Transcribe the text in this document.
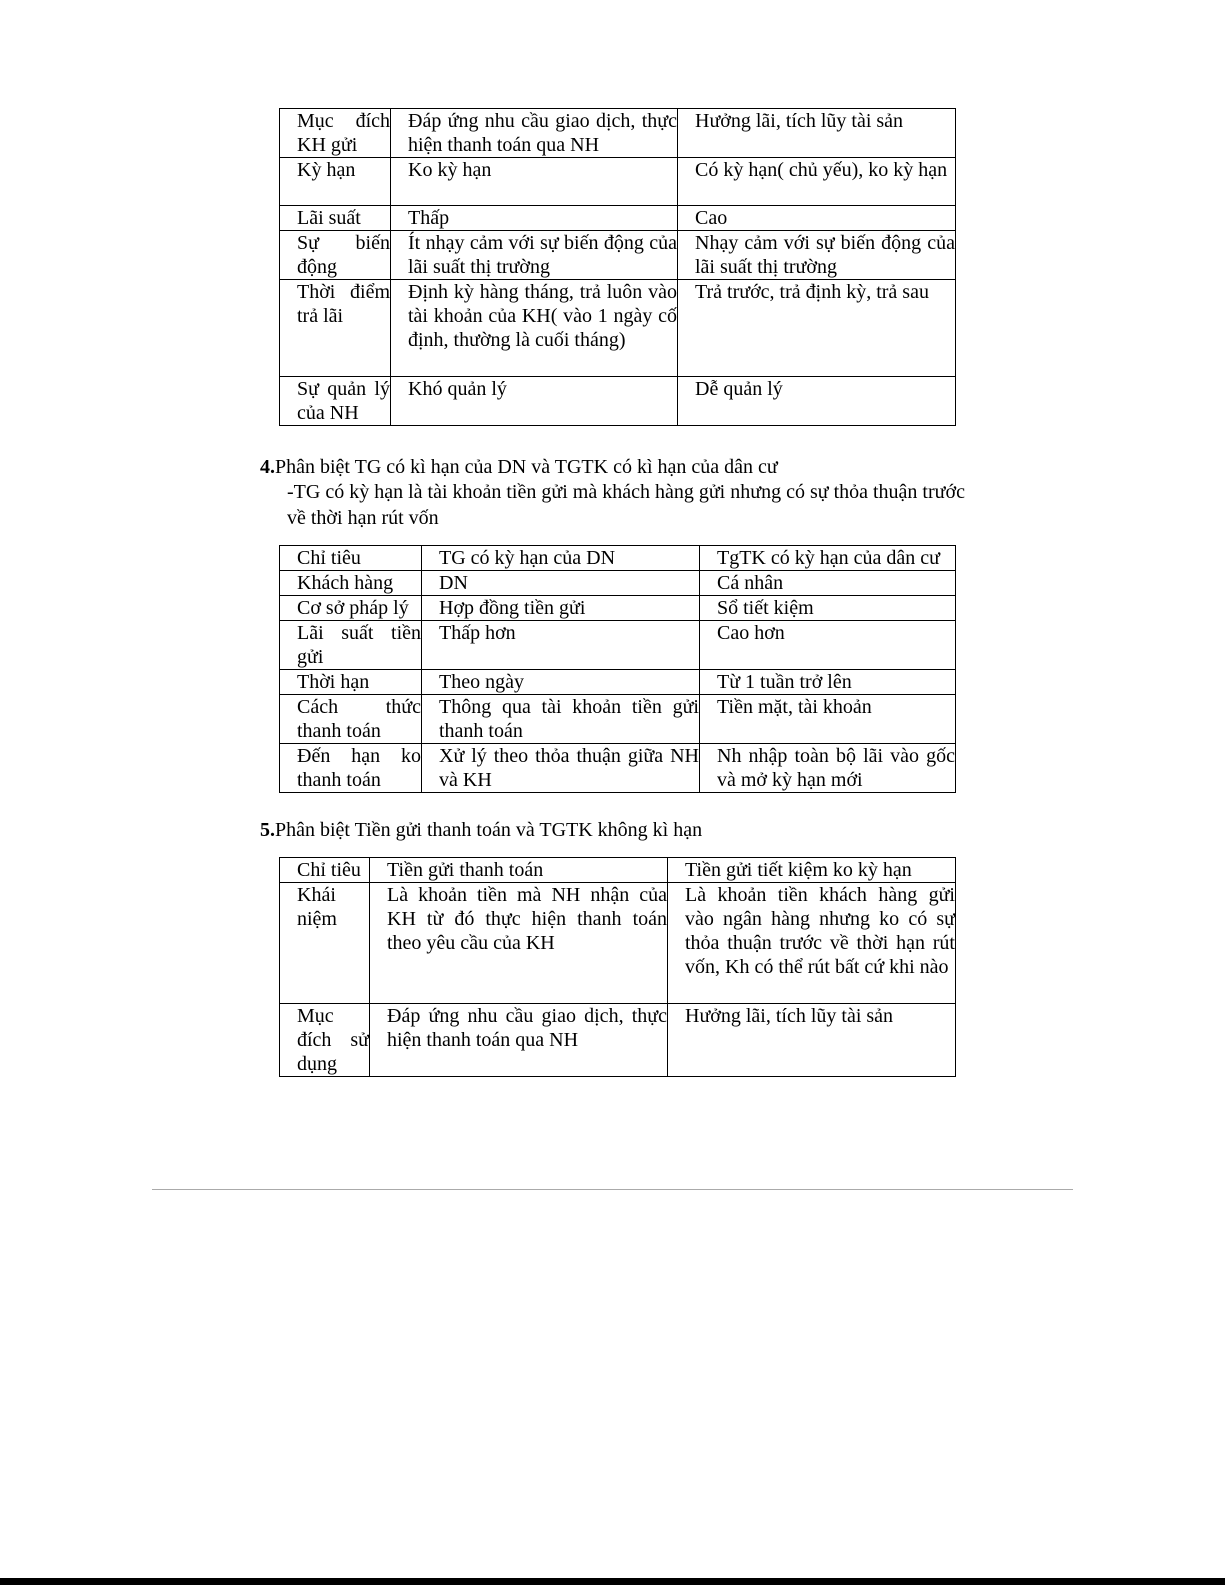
Mục đích KH gửi	Đáp ứng nhu cầu giao dịch, thực hiện thanh toán qua NH	Hưởng lãi, tích lũy tài sản
Kỳ hạn	Ko kỳ hạn	Có kỳ hạn( chủ yếu), ko kỳ hạn
Lãi suất	Thấp	Cao
Sự biến động	Ít nhạy cảm với sự biến động của lãi suất thị trường	Nhạy cảm với sự biến động của lãi suất thị trường
Thời điểm trả lãi	Định kỳ hàng tháng, trả luôn vào tài khoản của KH( vào 1 ngày cố định, thường là cuối tháng)	Trả trước, trả định kỳ, trả sau
Sự quản lý của NH	Khó quản lý	Dễ quản lý
4.Phân biệt TG có kì hạn của DN và TGTK có kì hạn của dân cư
-TG có kỳ hạn là tài khoản tiền gửi mà khách hàng gửi nhưng có sự thỏa thuận trước về thời hạn rút vốn
Chỉ tiêu	TG có kỳ hạn của DN	TgTK có kỳ hạn của dân cư
Khách hàng	DN	Cá nhân
Cơ sở pháp lý	Hợp đồng tiền gửi	Sổ tiết kiệm
Lãi suất tiền gửi	Thấp hơn	Cao hơn
Thời hạn	Theo ngày	Từ 1 tuần trở lên
Cách thức thanh toán	Thông qua tài khoản tiền gửi thanh toán	Tiền mặt, tài khoản
Đến hạn ko thanh toán	Xử lý theo thỏa thuận giữa NH và KH	Nh nhập toàn bộ lãi vào gốc và mở kỳ hạn mới
5.Phân biệt Tiền gửi thanh toán và TGTK không kì hạn
Chỉ tiêu	Tiền gửi thanh toán	Tiền gửi tiết kiệm ko kỳ hạn
Khái niệm	Là khoản tiền mà NH nhận của KH từ đó thực hiện thanh toán theo yêu cầu của KH	Là khoản tiền khách hàng gửi vào ngân hàng nhưng ko có sự thỏa thuận trước về thời hạn rút vốn, Kh có thể rút bất cứ khi nào
Mục đích sử dụng	Đáp ứng nhu cầu giao dịch, thực hiện thanh toán qua NH	Hưởng lãi, tích lũy tài sản
